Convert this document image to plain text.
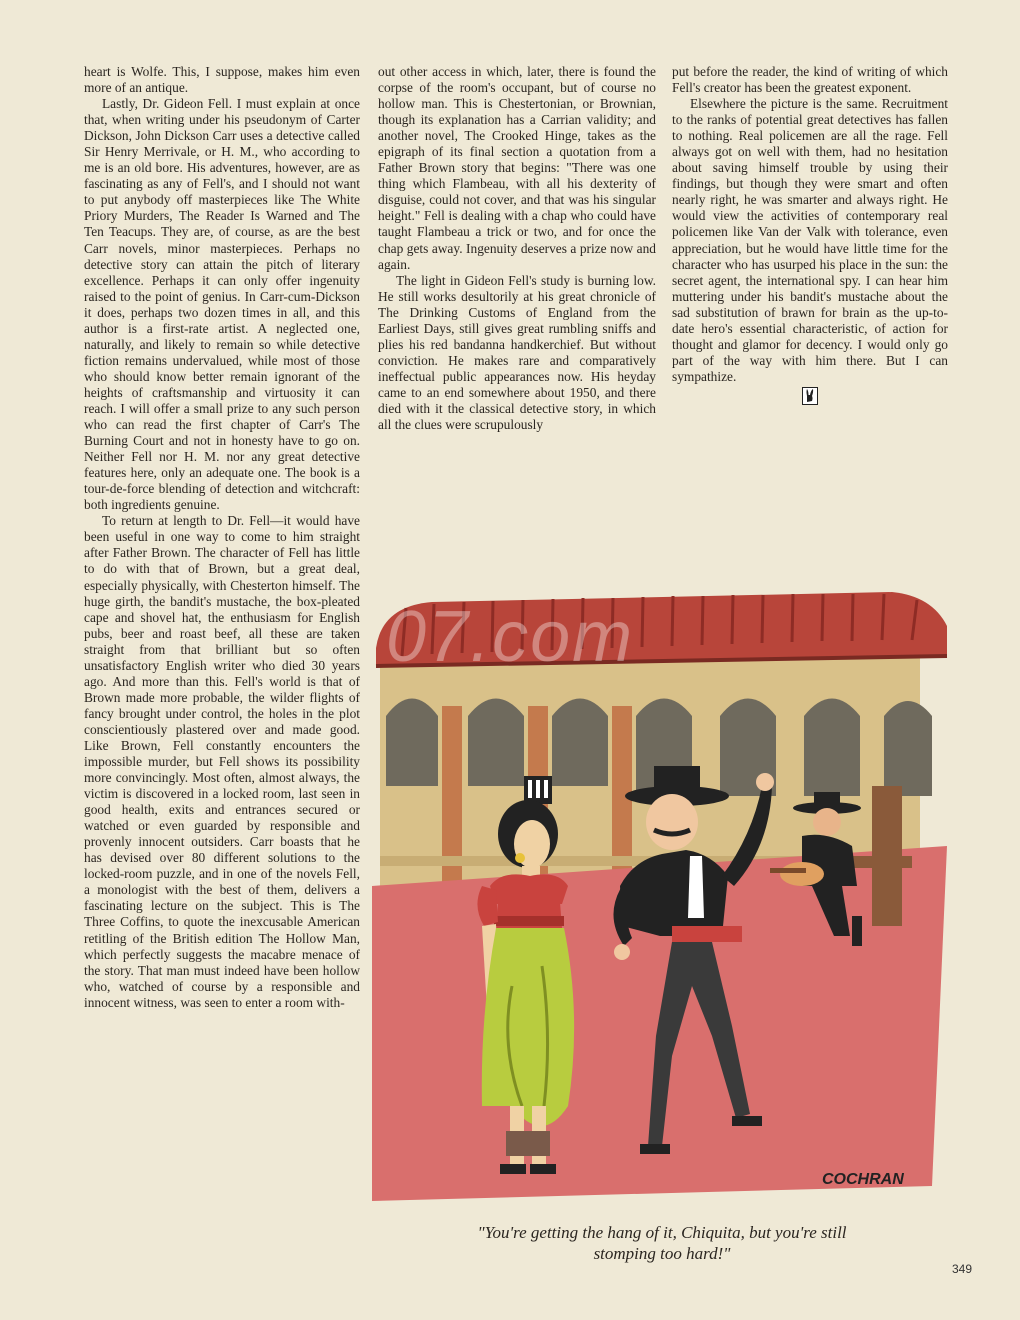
heart is Wolfe. This, I suppose, makes him even more of an antique.

Lastly, Dr. Gideon Fell. I must explain at once that, when writing under his pseudonym of Carter Dickson, John Dickson Carr uses a detective called Sir Henry Merrivale, or H. M., who according to me is an old bore. His adventures, however, are as fascinating as any of Fell's, and I should not want to put anybody off masterpieces like The White Priory Murders, The Reader Is Warned and The Ten Teacups. They are, of course, as are the best Carr novels, minor masterpieces. Perhaps no detective story can attain the pitch of literary excellence. Perhaps it can only offer ingenuity raised to the point of genius. In Carr-cum-Dickson it does, perhaps two dozen times in all, and this author is a first-rate artist. A neglected one, naturally, and likely to remain so while detective fiction remains undervalued, while most of those who should know better remain ignorant of the heights of craftsmanship and virtuosity it can reach. I will offer a small prize to any such person who can read the first chapter of Carr's The Burning Court and not in honesty have to go on. Neither Fell nor H. M. nor any great detective features here, only an adequate one. The book is a tour-de-force blending of detection and witchcraft: both ingredients genuine.

To return at length to Dr. Fell—it would have been useful in one way to come to him straight after Father Brown. The character of Fell has little to do with that of Brown, but a great deal, especially physically, with Chesterton himself. The huge girth, the bandit's mustache, the box-pleated cape and shovel hat, the enthusiasm for English pubs, beer and roast beef, all these are taken straight from that brilliant but so often unsatisfactory English writer who died 30 years ago. And more than this. Fell's world is that of Brown made more probable, the wilder flights of fancy brought under control, the holes in the plot conscientiously plastered over and made good. Like Brown, Fell constantly encounters the impossible murder, but Fell shows its possibility more convincingly. Most often, almost always, the victim is discovered in a locked room, last seen in good health, exits and entrances secured or watched or even guarded by responsible and provenly innocent outsiders. Carr boasts that he has devised over 80 different solutions to the locked-room puzzle, and in one of the novels Fell, a monologist with the best of them, delivers a fascinating lecture on the subject. This is The Three Coffins, to quote the inexcusable American retitling of the British edition The Hollow Man, which perfectly suggests the macabre menace of the story. That man must indeed have been hollow who, watched of course by a responsible and innocent witness, was seen to enter a room with-

out other access in which, later, there is found the corpse of the room's occupant, but of course no hollow man. This is Chestertonian, or Brownian, though its explanation has a Carrian validity; and another novel, The Crooked Hinge, takes as the epigraph of its final section a quotation from a Father Brown story that begins: "There was one thing which Flambeau, with all his dexterity of disguise, could not cover, and that was his singular height." Fell is dealing with a chap who could have taught Flambeau a trick or two, and for once the chap gets away. Ingenuity deserves a prize now and again.

The light in Gideon Fell's study is burning low. He still works desultorily at his great chronicle of The Drinking Customs of England from the Earliest Days, still gives great rumbling sniffs and plies his red bandanna handkerchief. But without conviction. He makes rare and comparatively ineffectual public appearances now. His heyday came to an end somewhere about 1950, and there died with it the classical detective story, in which all the clues were scrupulously

put before the reader, the kind of writing of which Fell's creator has been the greatest exponent.

Elsewhere the picture is the same. Recruitment to the ranks of potential great detectives has fallen to nothing. Real policemen are all the rage. Fell always got on well with them, had no hesitation about saving himself trouble by using their findings, but though they were smart and often nearly right, he was smarter and always right. He would view the activities of contemporary real policemen like Van der Valk with tolerance, even appreciation, but he would have little time for the character who has usurped his place in the sun: the secret agent, the international spy. I can hear him muttering under his bandit's mustache about the sad substitution of brawn for brain as the up-to-date hero's essential characteristic, of action for thought and glamor for decency. I would only go part of the way with him there. But I can sympathize.

COCHRAN
07.com
"You're getting the hang of it, Chiquita, but you're still stomping too hard!"
349
